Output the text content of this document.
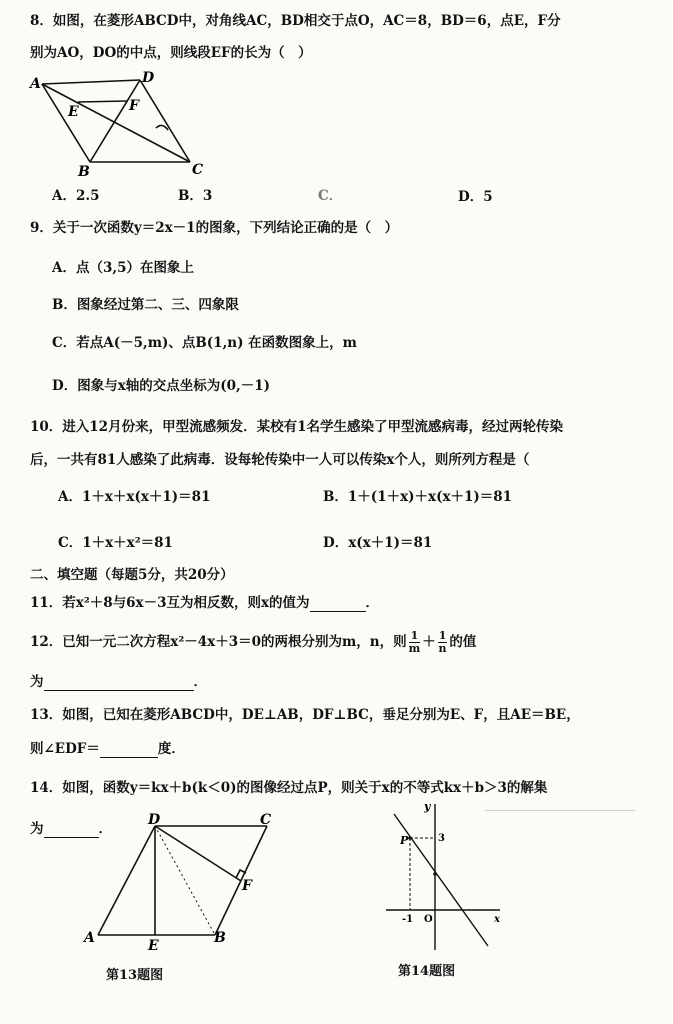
8．如图，在菱形ABCD中，对角线AC，BD相交于点O，AC＝8，BD＝6，点E，F分
别为AO，DO的中点，则线段EF的长为（　）
A	D
E	F
B	C
A．2.5	B．3	C．	D．5
9．关于一次函数y＝2x－1的图象，下列结论正确的是（　）
A．点（3,5）在图象上
B．图象经过第二、三、四象限
C．若点A(－5,m)、点B(1,n) 在函数图象上，m
D．图象与x轴的交点坐标为(0,－1)
10．进入12月份来，甲型流感频发．某校有1名学生感染了甲型流感病毒，经过两轮传染
后，一共有81人感染了此病毒．设每轮传染中一人可以传染x个人，则所列方程是（
A．1＋x＋x(x＋1)＝81	B．1＋(1＋x)＋x(x＋1)＝81
C．1＋x＋x²＝81	D．x(x＋1)＝81
二、填空题（每题5分，共20分）
11．若x²＋8与6x－3互为相反数，则x的值为	．
12．已知一元二次方程x²－4x＋3＝0的两根分别为m，n，则 $\frac{1}{m} + \frac{1}{n}$ 的值
为	．
13．如图，已知在菱形ABCD中，DE⊥AB，DF⊥BC，垂足分别为E、F，且AE＝BE，
则∠EDF＝	度．
14．如图，函数y＝kx＋b(k＜0)的图像经过点P，则关于x的不等式kx＋b＞3的解集
为	．
D	C
F
A	E	B
第13题图
y
P	3
-1 O	x
第14题图
